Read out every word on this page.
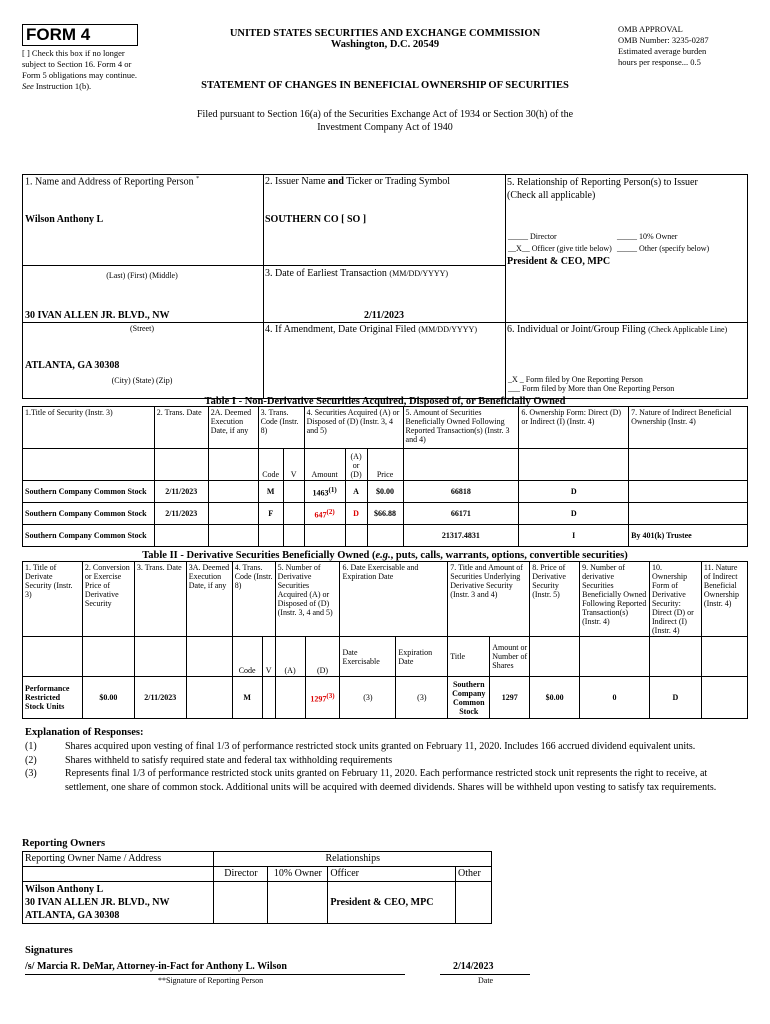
FORM 4
[ ] Check this box if no longer subject to Section 16. Form 4 or Form 5 obligations may continue. See Instruction 1(b).
UNITED STATES SECURITIES AND EXCHANGE COMMISSION
Washington, D.C. 20549
OMB APPROVAL
OMB Number: 3235-0287
Estimated average burden
hours per response... 0.5
STATEMENT OF CHANGES IN BENEFICIAL OWNERSHIP OF SECURITIES
Filed pursuant to Section 16(a) of the Securities Exchange Act of 1934 or Section 30(h) of the
Investment Company Act of 1940
1. Name and Address of Reporting Person *
Wilson Anthony L
(Last) (First) (Middle)
30 IVAN ALLEN JR. BLVD., NW
(Street)
ATLANTA, GA 30308
(City) (State) (Zip)
2. Issuer Name and Ticker or Trading Symbol
SOUTHERN CO [ SO ]
3. Date of Earliest Transaction (MM/DD/YYYY)
2/11/2023
4. If Amendment, Date Original Filed (MM/DD/YYYY)
5. Relationship of Reporting Person(s) to Issuer
(Check all applicable)
_____ Director	_____ 10% Owner
__X__ Officer (give title below) _____ Other (specify below)
President & CEO, MPC
6. Individual or Joint/Group Filing (Check Applicable Line)
_X _ Form filed by One Reporting Person
___ Form filed by More than One Reporting Person
Table I - Non-Derivative Securities Acquired, Disposed of, or Beneficially Owned
1.Title of Security (Instr. 3)	2. Trans. Date	2A. Deemed Execution Date, if any	3. Trans. Code (Instr. 8)		4. Securities Acquired (A) or Disposed of (D) (Instr. 3, 4 and 5)			5. Amount of Securities Beneficially Owned Following Reported Transaction(s) (Instr. 3 and 4)	6. Ownership Form: Direct (D) or Indirect (I) (Instr. 4)	7. Nature of Indirect Beneficial Ownership (Instr. 4)
			Code	V	Amount	(A) or (D)	Price			
Southern Company Common Stock	2/11/2023		M		1463$^{(1)}$	A	$0.00	66818	D	
Southern Company Common Stock	2/11/2023		F		647$^{(2)}$	D	$66.88	66171	D	
Southern Company Common Stock								21317.4831	I	By 401(k) Trustee
Table II - Derivative Securities Beneficially Owned (e.g., puts, calls, warrants, options, convertible securities)
1. Title of Derivate Security (Instr. 3)	2. Conversion or Exercise Price of Derivative Security	3. Trans. Date	3A. Deemed Execution Date, if any	4. Trans. Code (Instr. 8)		5. Number of Derivative Securities Acquired (A) or Disposed of (D) (Instr. 3, 4 and 5)		6. Date Exercisable and Expiration Date		7. Title and Amount of Securities Underlying Derivative Security (Instr. 3 and 4)		8. Price of Derivative Security (Instr. 5)	9. Number of derivative Securities Beneficially Owned Following Reported Transaction(s) (Instr. 4)	10. Ownership Form of Derivative Security: Direct (D) or Indirect (I) (Instr. 4)	11. Nature of Indirect Beneficial Ownership (Instr. 4)
				Code	V	(A)	(D)	Date Exercisable	Expiration Date	Title	Amount or Number of Shares				
Performance Restricted Stock Units	$0.00	2/11/2023		M			1297$^{(3)}$	(3)	(3)	Southern Company Common Stock	1297	$0.00	0	D	
Explanation of Responses:
(1)	Shares acquired upon vesting of final 1/3 of performance restricted stock units granted on February 11, 2020. Includes 166 accrued dividend equivalent units.
(2)	Shares withheld to satisfy required state and federal tax withholding requirements
(3)	Represents final 1/3 of performance restricted stock units granted on February 11, 2020. Each performance restricted stock unit represents the right to receive, at settlement, one share of common stock. Additional units will be acquired with deemed dividends. Shares will be withheld upon vesting to satisfy tax requirements.
Reporting Owners
Reporting Owner Name / Address	Relationships			
	Director	10% Owner	Officer	Other

Wilson Anthony L
30 IVAN ALLEN JR. BLVD., NW
ATLANTA, GA 30308			President & CEO, MPC	
Signatures
/s/ Marcia R. DeMar, Attorney-in-Fact for Anthony L. Wilson	2/14/2023
**Signature of Reporting Person	Date
